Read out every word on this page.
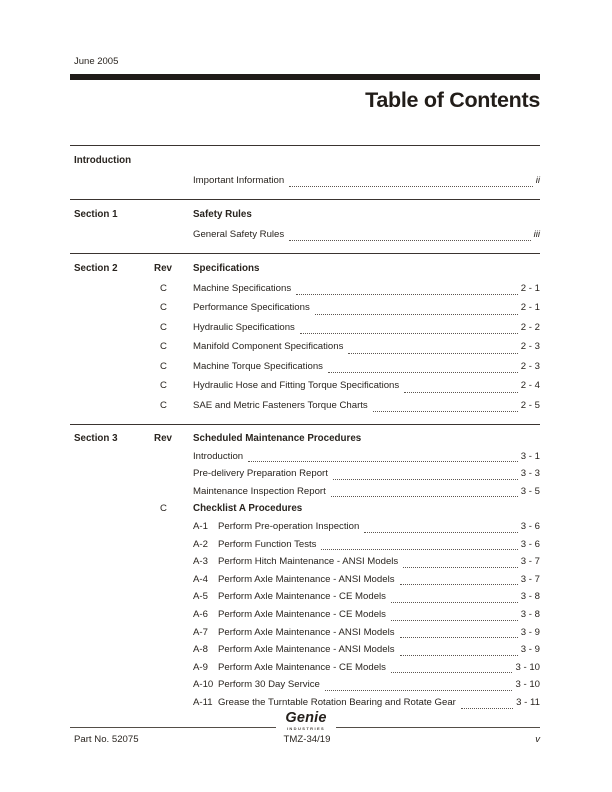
June 2005
Table of Contents
Introduction
Important Information	ii
Section 1	Safety Rules
General Safety Rules	iii
Section 2	Rev	Specifications
C	Machine Specifications	2 - 1
C	Performance Specifications	2 - 1
C	Hydraulic Specifications	2 - 2
C	Manifold Component Specifications	2 - 3
C	Machine Torque Specifications	2 - 3
C	Hydraulic Hose and Fitting Torque Specifications	2 - 4
C	SAE and Metric Fasteners Torque Charts	2 - 5
Section 3	Rev	Scheduled Maintenance Procedures
Introduction	3 - 1
Pre-delivery Preparation Report	3 - 3
Maintenance Inspection Report	3 - 5
C	Checklist A Procedures
A-1	Perform Pre-operation Inspection	3 - 6
A-2	Perform Function Tests	3 - 6
A-3	Perform Hitch Maintenance - ANSI Models	3 - 7
A-4	Perform Axle Maintenance - ANSI Models	3 - 7
A-5	Perform Axle Maintenance - CE Models	3 - 8
A-6	Perform Axle Maintenance - CE Models	3 - 8
A-7	Perform Axle Maintenance - ANSI Models	3 - 9
A-8	Perform Axle Maintenance - ANSI Models	3 - 9
A-9	Perform Axle Maintenance - CE Models	3 - 10
A-10 Perform 30 Day Service	3 - 10
A-11 Grease the Turntable Rotation Bearing and Rotate Gear	3 - 11
Genie
INDUSTRIES
Part No. 52075	TMZ-34/19	v
